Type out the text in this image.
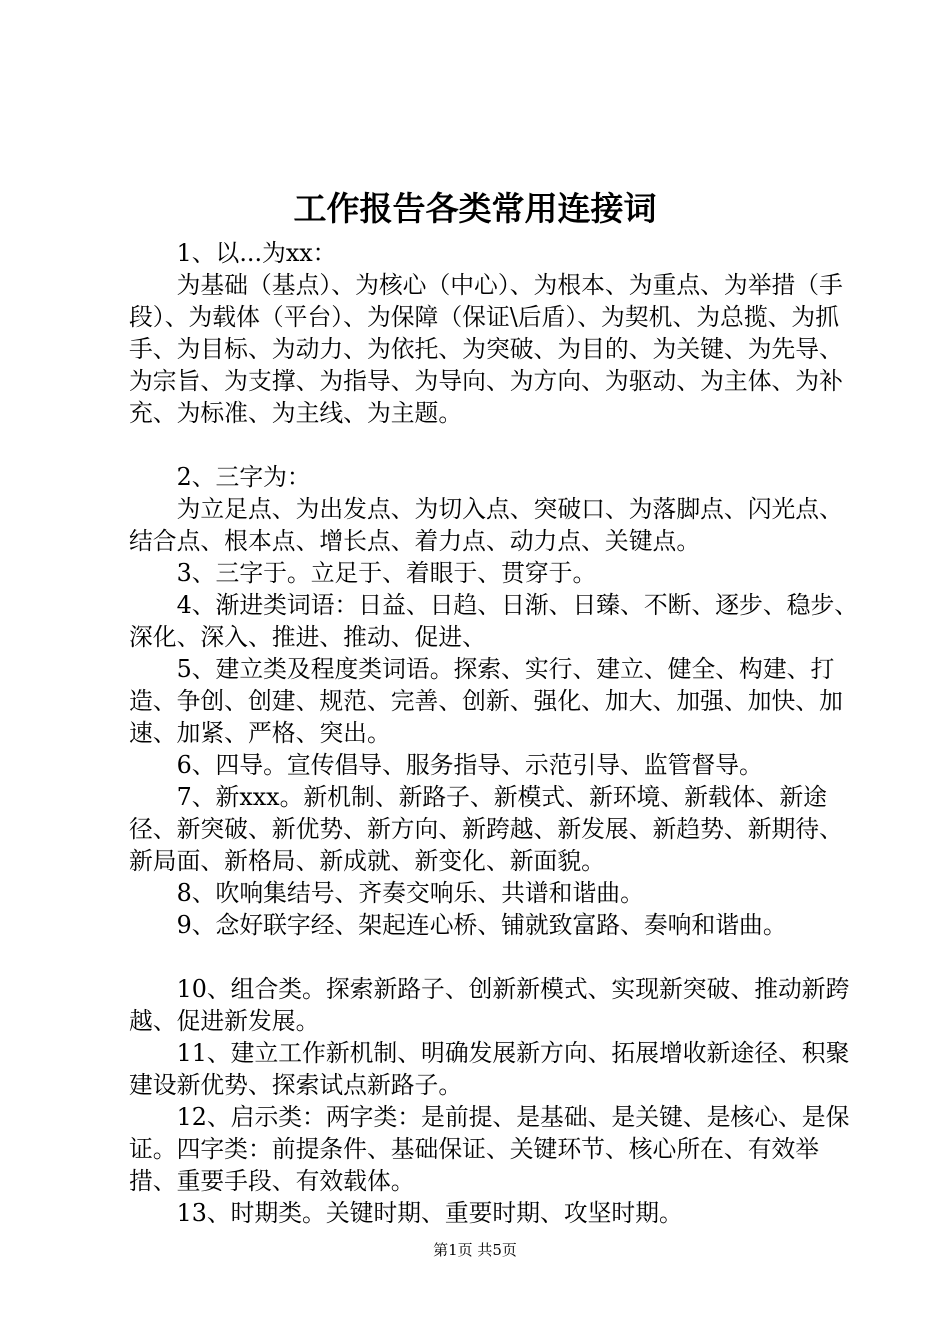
工作报告各类常用连接词

1、以...为xx：

为基础（基点）、为核心（中心）、为根本、为重点、为举措（手段）、为载体（平台）、为保障（保证\后盾）、为契机、为总揽、为抓手、为目标、为动力、为依托、为突破、为目的、为关键、为先导、为宗旨、为支撑、为指导、为导向、为方向、为驱动、为主体、为补充、为标准、为主线、为主题。

2、三字为：

为立足点、为出发点、为切入点、突破口、为落脚点、闪光点、结合点、根本点、增长点、着力点、动力点、关键点。

3、三字于。立足于、着眼于、贯穿于。

4、渐进类词语：日益、日趋、日渐、日臻、不断、逐步、稳步、深化、深入、推进、推动、促进、

5、建立类及程度类词语。探索、实行、建立、健全、构建、打造、争创、创建、规范、完善、创新、强化、加大、加强、加快、加速、加紧、严格、突出。

6、四导。宣传倡导、服务指导、示范引导、监管督导。

7、新xxx。新机制、新路子、新模式、新环境、新载体、新途径、新突破、新优势、新方向、新跨越、新发展、新趋势、新期待、新局面、新格局、新成就、新变化、新面貌。

8、吹响集结号、齐奏交响乐、共谱和谐曲。

9、念好联字经、架起连心桥、铺就致富路、奏响和谐曲。

10、组合类。探索新路子、创新新模式、实现新突破、推动新跨越、促进新发展。

11、建立工作新机制、明确发展新方向、拓展增收新途径、积聚建设新优势、探索试点新路子。

12、启示类：两字类：是前提、是基础、是关键、是核心、是保证。四字类：前提条件、基础保证、关键环节、核心所在、有效举措、重要手段、有效载体。

13、时期类。关键时期、重要时期、攻坚时期。

第1页 共5页
